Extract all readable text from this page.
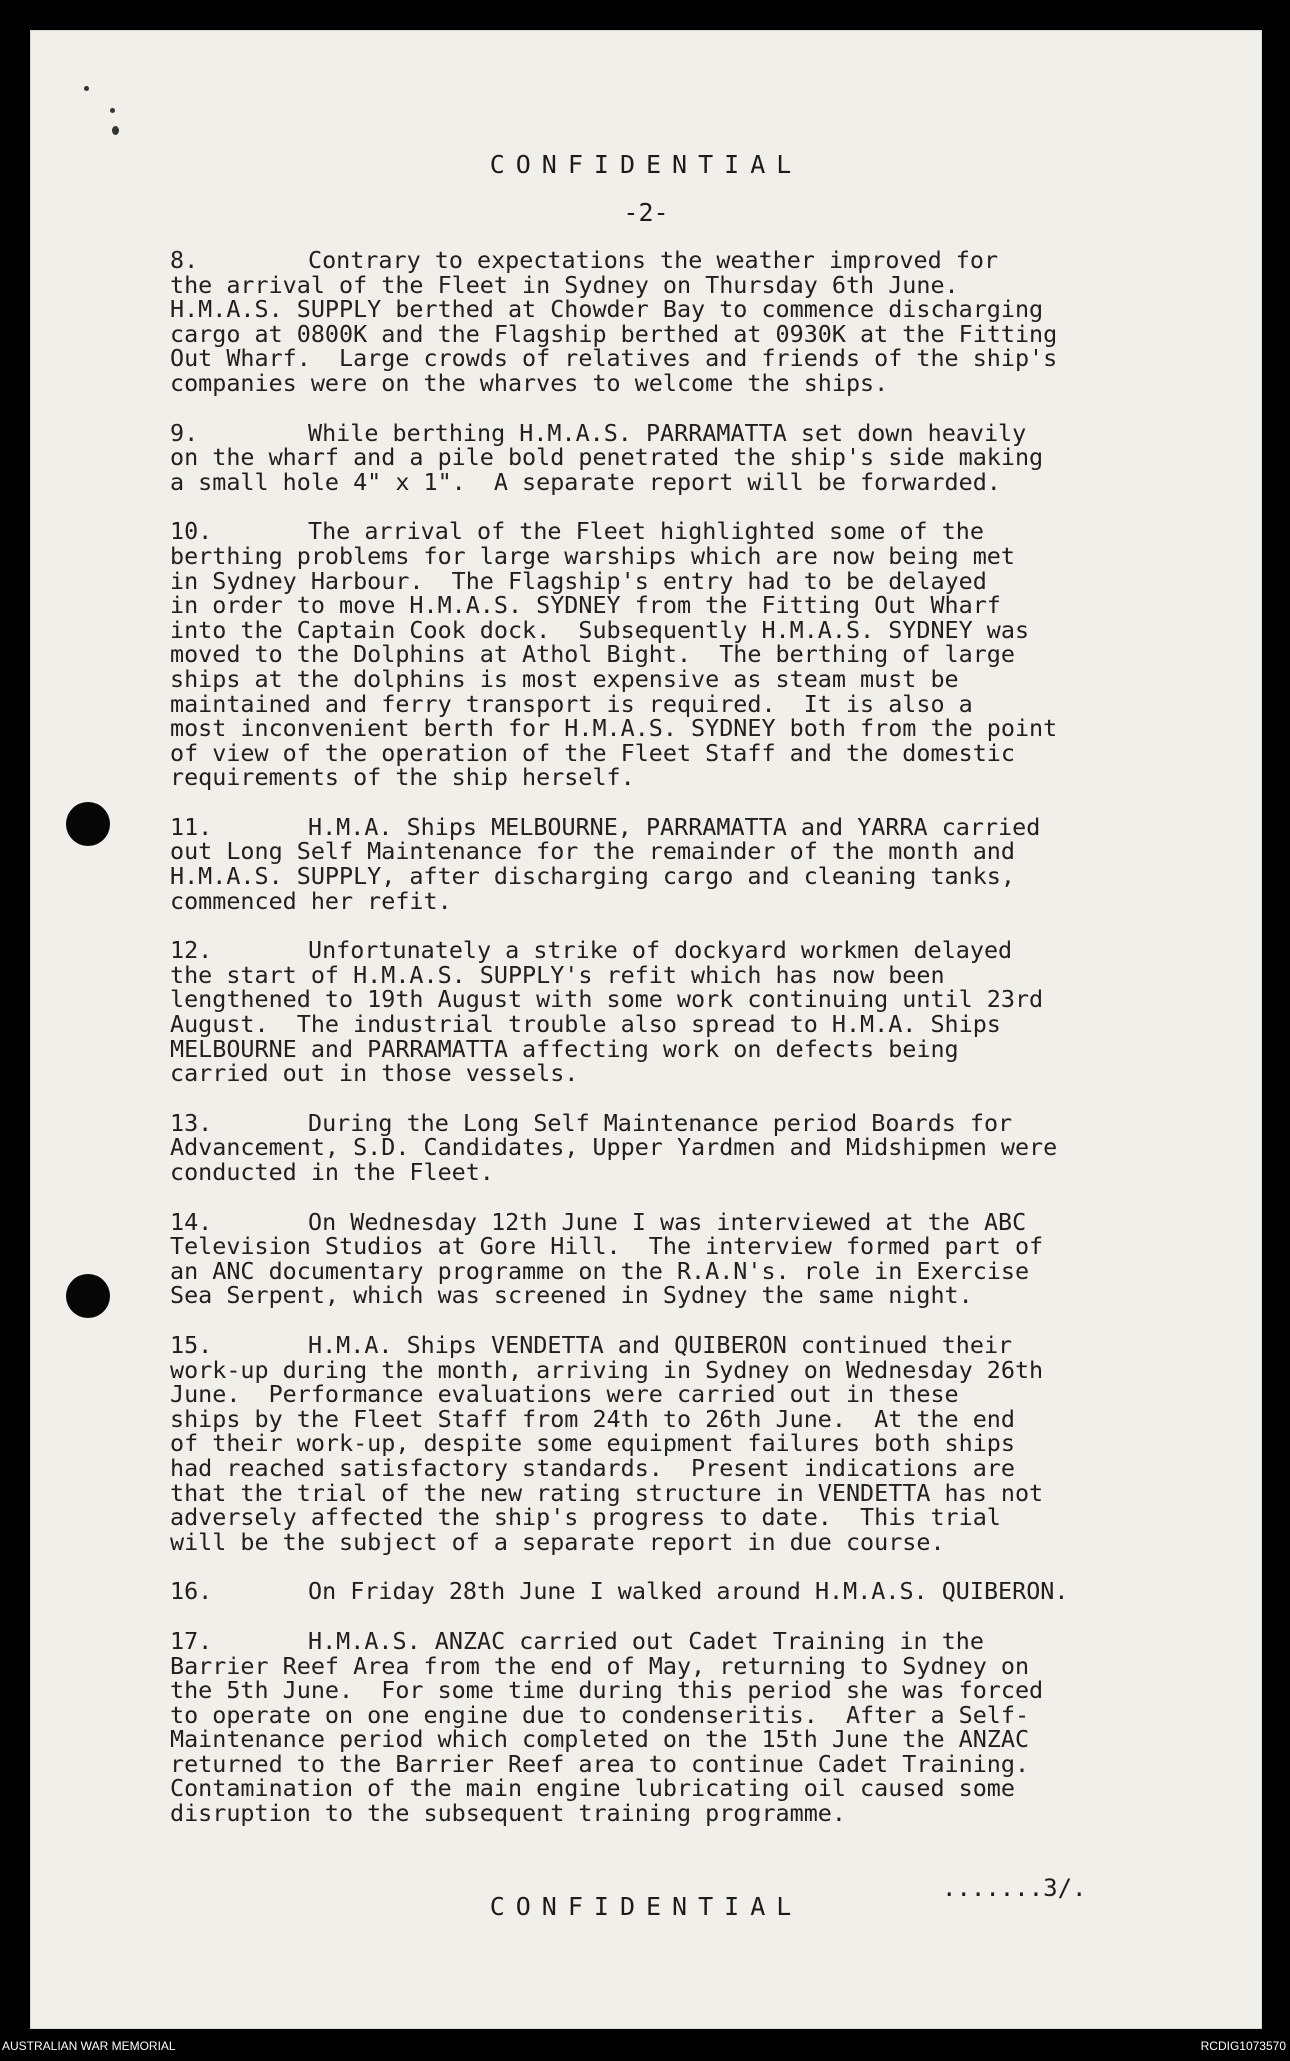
CONFIDENTIAL
-2-
8.	Contrary to expectations the weather improved for
the arrival of the Fleet in Sydney on Thursday 6th June.
H.M.A.S. SUPPLY berthed at Chowder Bay to commence discharging
cargo at 0800K and the Flagship berthed at 0930K at the Fitting
Out Wharf.  Large crowds of relatives and friends of the ship's
companies were on the wharves to welcome the ships.
9.	While berthing H.M.A.S. PARRAMATTA set down heavily
on the wharf and a pile bold penetrated the ship's side making
a small hole 4" x 1".  A separate report will be forwarded.
10.	The arrival of the Fleet highlighted some of the
berthing problems for large warships which are now being met
in Sydney Harbour.  The Flagship's entry had to be delayed
in order to move H.M.A.S. SYDNEY from the Fitting Out Wharf
into the Captain Cook dock.  Subsequently H.M.A.S. SYDNEY was
moved to the Dolphins at Athol Bight.  The berthing of large
ships at the dolphins is most expensive as steam must be
maintained and ferry transport is required.  It is also a
most inconvenient berth for H.M.A.S. SYDNEY both from the point
of view of the operation of the Fleet Staff and the domestic
requirements of the ship herself.
11.	H.M.A. Ships MELBOURNE, PARRAMATTA and YARRA carried
out Long Self Maintenance for the remainder of the month and
H.M.A.S. SUPPLY, after discharging cargo and cleaning tanks,
commenced her refit.
12.	Unfortunately a strike of dockyard workmen delayed
the start of H.M.A.S. SUPPLY's refit which has now been
lengthened to 19th August with some work continuing until 23rd
August.  The industrial trouble also spread to H.M.A. Ships
MELBOURNE and PARRAMATTA affecting work on defects being
carried out in those vessels.
13.	During the Long Self Maintenance period Boards for
Advancement, S.D. Candidates, Upper Yardmen and Midshipmen were
conducted in the Fleet.
14.	On Wednesday 12th June I was interviewed at the ABC
Television Studios at Gore Hill.  The interview formed part of
an ANC documentary programme on the R.A.N's. role in Exercise
Sea Serpent, which was screened in Sydney the same night.
15.	H.M.A. Ships VENDETTA and QUIBERON continued their
work-up during the month, arriving in Sydney on Wednesday 26th
June.  Performance evaluations were carried out in these
ships by the Fleet Staff from 24th to 26th June.  At the end
of their work-up, despite some equipment failures both ships
had reached satisfactory standards.  Present indications are
that the trial of the new rating structure in VENDETTA has not
adversely affected the ship's progress to date.  This trial
will be the subject of a separate report in due course.
16.	On Friday 28th June I walked around H.M.A.S. QUIBERON.
17.	H.M.A.S. ANZAC carried out Cadet Training in the
Barrier Reef Area from the end of May, returning to Sydney on
the 5th June.  For some time during this period she was forced
to operate on one engine due to condenseritis.  After a Self-
Maintenance period which completed on the 15th June the ANZAC
returned to the Barrier Reef area to continue Cadet Training.
Contamination of the main engine lubricating oil caused some
disruption to the subsequent training programme.
.......3/.
CONFIDENTIAL
AUSTRALIAN WAR MEMORIAL	RCDIG1073570
